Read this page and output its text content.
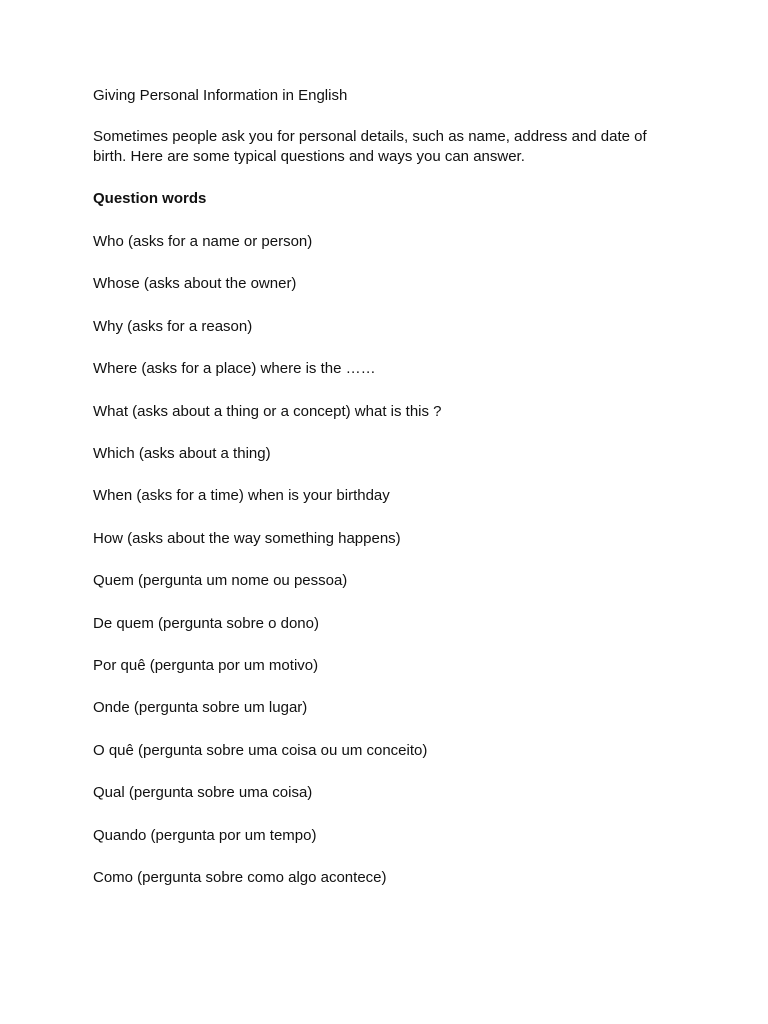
Giving Personal Information in English
Sometimes people ask you for personal details, such as name, address and date of birth. Here are some typical questions and ways you can answer.
Question words
Who (asks for a name or person)
Whose (asks about the owner)
Why (asks for a reason)
Where (asks for a place) where is the ……
What (asks about a thing or a concept) what is this ?
Which (asks about a thing)
When (asks for a time) when is your birthday
How (asks about the way something happens)
Quem (pergunta um nome ou pessoa)
De quem (pergunta sobre o dono)
Por quê (pergunta por um motivo)
Onde (pergunta sobre um lugar)
O quê (pergunta sobre uma coisa ou um conceito)
Qual (pergunta sobre uma coisa)
Quando (pergunta por um tempo)
Como (pergunta sobre como algo acontece)
